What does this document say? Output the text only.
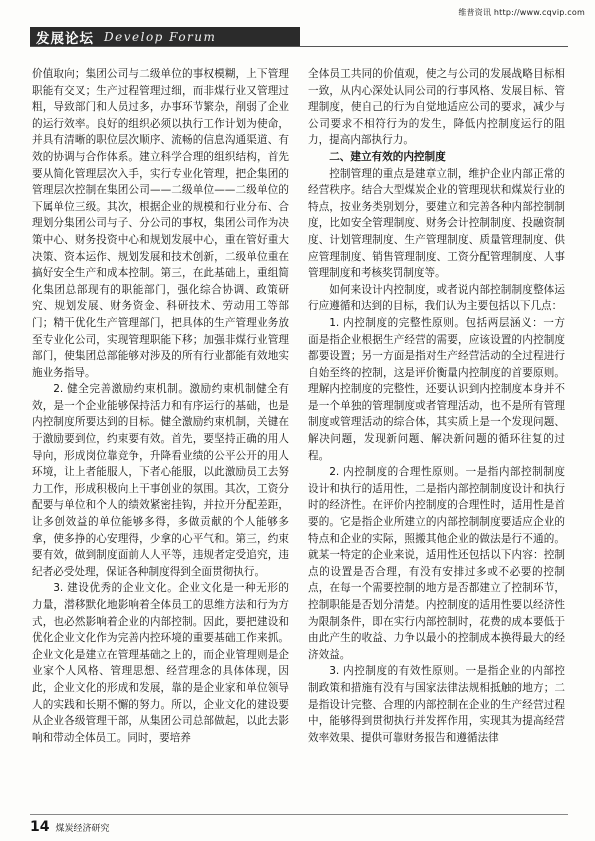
维普资讯 http://www.cqvip.com
发展论坛 Develop Forum

价值取向；集团公司与二级单位的事权模糊，上下管理职能有交叉；生产过程管理过细，而非煤行业又管理过粗，导致部门和人员过多，办事环节繁杂，削弱了企业的运行效率。良好的组织必须以执行工作计划为使命，并具有清晰的职位层次顺序、流畅的信息沟通渠道、有效的协调与合作体系。建立科学合理的组织结构，首先要从简化管理层次入手，实行专业化管理，把企集团的管理层次控制在集团公司——二级单位——二级单位的下属单位三级。其次，根据企业的规模和行业分布、合理划分集团公司与子、分公司的事权，集团公司作为决策中心、财务投资中心和规划发展中心，重在管好重大决策、资本运作、规划发展和技术创新，二级单位重在搞好安全生产和成本控制。第三，在此基础上，重组简化集团总部现有的职能部门，强化综合协调、政策研究、规划发展、财务资金、科研技术、劳动用工等部门；精干优化生产管理部门，把具体的生产管理业务放至专业化公司，实现管理职能下移；加强非煤行业管理部门，使集团总部能够对涉及的所有行业都能有效地实施业务指导。

2. 健全完善激励约束机制。激励约束机制健全有效，是一个企业能够保持活力和有序运行的基础，也是内控制度所要达到的目标。健全激励约束机制，关键在于激励要到位，约束要有效。首先，要坚持正确的用人导向，形成岗位靠竞争，升降看业绩的公平公开的用人环境，让上者能服人，下者心能服，以此激励员工去努力工作，形成积极向上干事创业的氛围。其次，工资分配要与单位和个人的绩效紧密挂钩，并拉开分配差距，让多创效益的单位能够多得，多做贡献的个人能够多拿，使多挣的心安理得，少拿的心平气和。第三，约束要有效，做到制度面前人人平等，违规者定受追究，违纪者必受处理，保证各种制度得到全面贯彻执行。

3. 建设优秀的企业文化。企业文化是一种无形的力量，潜移默化地影响着全体员工的思维方法和行为方式，也必然影响着企业的内部控制。因此，要把建设和优化企业文化作为完善内控环境的重要基础工作来抓。企业文化是建立在管理基础之上的，而企业管理则是企业家个人风格、管理思想、经营理念的具体体现，因此，企业文化的形成和发展，靠的是企业家和单位领导人的实践和长期不懈的努力。所以，企业文化的建设要从企业各级管理干部，从集团公司总部做起，以此去影响和带动全体员工。同时，要培养

全体员工共同的价值观，使之与公司的发展战略目标相一致，从内心深处认同公司的行事风格、发展目标、管理制度，使自己的行为自觉地适应公司的要求，减少与公司要求不相符行为的发生，降低内控制度运行的阻力，提高内部执行力。

二、建立有效的内控制度

控制管理的重点是建章立制，维护企业内部正常的经营秩序。结合大型煤炭企业的管理现状和煤炭行业的特点，按业务类别划分，要建立和完善各种内部控制制度，比如安全管理制度、财务会计控制制度、投融资制度、计划管理制度、生产管理制度、质量管理制度、供应管理制度、销售管理制度、工资分配管理制度、人事管理制度和考核奖罚制度等。

如何来设计内控制度，或者说内部控制制度整体运行应遵循和达到的目标，我们认为主要包括以下几点：

1. 内控制度的完整性原则。包括两层涵义：一方面是指企业根据生产经营的需要，应该设置的内控制度都要设置；另一方面是指对生产经营活动的全过程进行自始至终的控制，这是评价衡量内控制度的首要原则。理解内控制度的完整性，还要认识到内控制度本身并不是一个单独的管理制度或者管理活动，也不是所有管理制度或管理活动的综合体，其实质上是一个发现问题、解决问题，发现新问题、解决新问题的循环往复的过程。

2. 内控制度的合理性原则。一是指内部控制制度设计和执行的适用性，二是指内部控制制度设计和执行时的经济性。在评价内控制度的合理性时，适用性是首要的。它是指企业所建立的内部控制制度要适应企业的特点和企业的实际，照搬其他企业的做法是行不通的。就某一特定的企业来说，适用性还包括以下内容：控制点的设置是否合理，有没有安排过多或不必要的控制点，在每一个需要控制的地方是否都建立了控制环节，控制职能是否划分清楚。内控制度的适用性要以经济性为限制条件，即在实行内部控制时，花费的成本要低于由此产生的收益、力争以最小的控制成本换得最大的经济效益。

3. 内控制度的有效性原则。一是指企业的内部控制政策和措施有没有与国家法律法规相抵触的地方；二是指设计完整、合理的内部控制在企业的生产经营过程中，能够得到贯彻执行并发挥作用，实现其为提高经营效率效果、提供可靠财务报告和遵循法律

14 煤炭经济研究
